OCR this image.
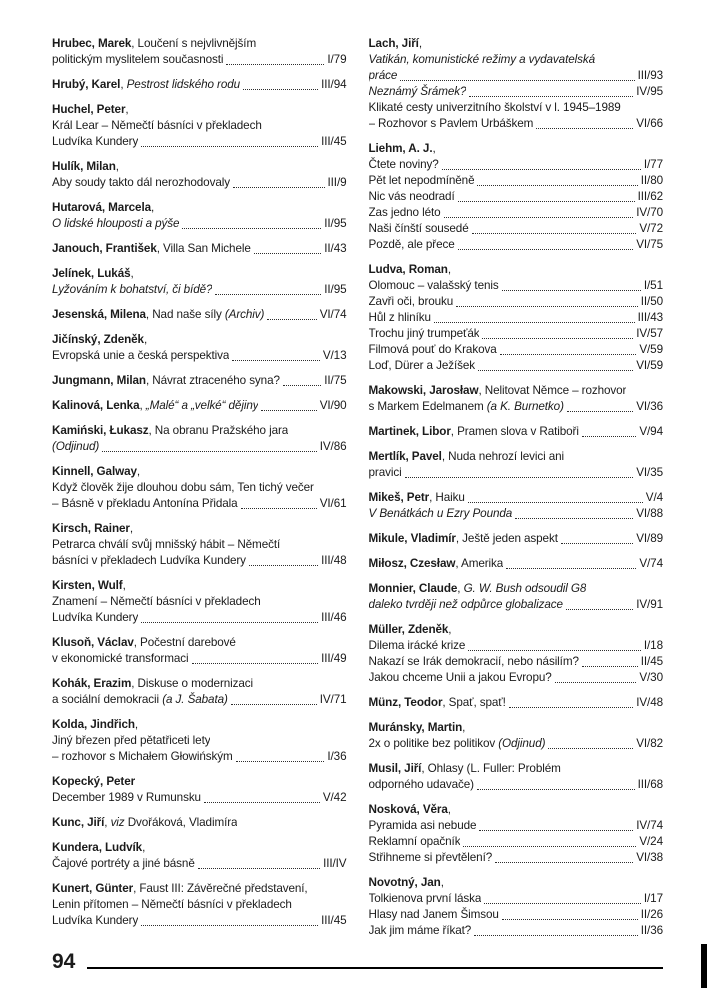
Hrubec, Marek, Loučení s nejvlivnějším
politickým myslitelem současnosti	I/79
Hrubý, Karel, Pestrost lidského rodu	III/94
Huchel, Peter,
Král Lear – Němečtí básníci v překladech
Ludvíka Kundery	III/45
Hulík, Milan,
Aby soudy takto dál nerozhodovaly	III/9
Hutarová, Marcela,
O lidské hlouposti a pýše	II/95
Janouch, František, Villa San Michele	II/43
Jelínek, Lukáš,
Lyžováním k bohatství, či bídě?	II/95
Jesenská, Milena, Nad naše síly (Archiv)	VI/74
Jičínský, Zdeněk,
Evropská unie a česká perspektiva	V/13
Jungmann, Milan, Návrat ztraceného syna?	II/75
Kalinová, Lenka, „Malé“ a „velké“ dějiny	VI/90
Kamiński, Łukasz, Na obranu Pražského jara
(Odjinud)	IV/86
Kinnell, Galway,
Když člověk žije dlouhou dobu sám, Ten tichý večer
– Básně v překladu Antonína Přidala	VI/61
Kirsch, Rainer,
Petrarca chválí svůj mnišský hábit – Němečtí
básníci v překladech Ludvíka Kundery	III/48
Kirsten, Wulf,
Znamení – Němečtí básníci v překladech
Ludvíka Kundery	III/46
Klusoň, Václav, Počestní darebové
v ekonomické transformaci	III/49
Kohák, Erazim, Diskuse o modernizaci
a sociální demokracii (a J. Šabata)	IV/71
Kolda, Jindřich,
Jiný březen před pětatřiceti lety
– rozhovor s Michałem Głowińským	I/36
Kopecký, Peter
December 1989 v Rumunsku	V/42
Kunc, Jiří, viz Dvořáková, Vladimíra
Kundera, Ludvík,
Čajové portréty a jiné básně	III/IV
Kunert, Günter, Faust III: Závěrečné představení,
Lenin přítomen – Němečtí básníci v překladech
Ludvíka Kundery	III/45
Lach, Jiří,
Vatikán, komunistické režimy a vydavatelská
práce	III/93
Neznámý Šrámek?	IV/95
Klikaté cesty univerzitního školství v l. 1945–1989
– Rozhovor s Pavlem Urbáškem	VI/66
Liehm, A. J.,
Čtete noviny?	I/77
Pět let nepodmíněně	II/80
Nic vás neodradí	III/62
Zas jedno léto	IV/70
Naši čínští sousedé	V/72
Pozdě, ale přece	VI/75
Ludva, Roman,
Olomouc – valašský tenis	I/51
Zavři oči, brouku	II/50
Hůl z hliníku	III/43
Trochu jiný trumpeťák	IV/57
Filmová pouť do Krakova	V/59
Loď, Dürer a Ježíšek	VI/59
Makowski, Jarosław, Nelitovat Němce – rozhovor
s Markem Edelmanem (a K. Burnetko)	VI/36
Martinek, Libor, Pramen slova v Ratiboři	V/94
Mertlík, Pavel, Nuda nehrozí levici ani
pravici	VI/35
Mikeš, Petr, Haiku	V/4
V Benátkách u Ezry Pounda	VI/88
Mikule, Vladimír, Ještě jeden aspekt	VI/89
Miłosz, Czesław, Amerika	V/74
Monnier, Claude, G. W. Bush odsoudil G8
daleko tvrději než odpůrce globalizace	IV/91
Müller, Zdeněk,
Dilema irácké krize	I/18
Nakazí se Irák demokracií, nebo násilím?	II/45
Jakou chceme Unii a jakou Evropu?	V/30
Münz, Teodor, Spať, spať!	IV/48
Muránsky, Martin,
2x o politike bez politikov (Odjinud)	VI/82
Musil, Jiří, Ohlasy (L. Fuller: Problém
odporného udavače)	III/68
Nosková, Věra,
Pyramida asi nebude	IV/74
Reklamní opačník	V/24
Střihneme si převtělení?	VI/38
Novotný, Jan,
Tolkienova první láska	I/17
Hlasy nad Janem Šimsou	II/26
Jak jim máme říkat?	II/36
94
